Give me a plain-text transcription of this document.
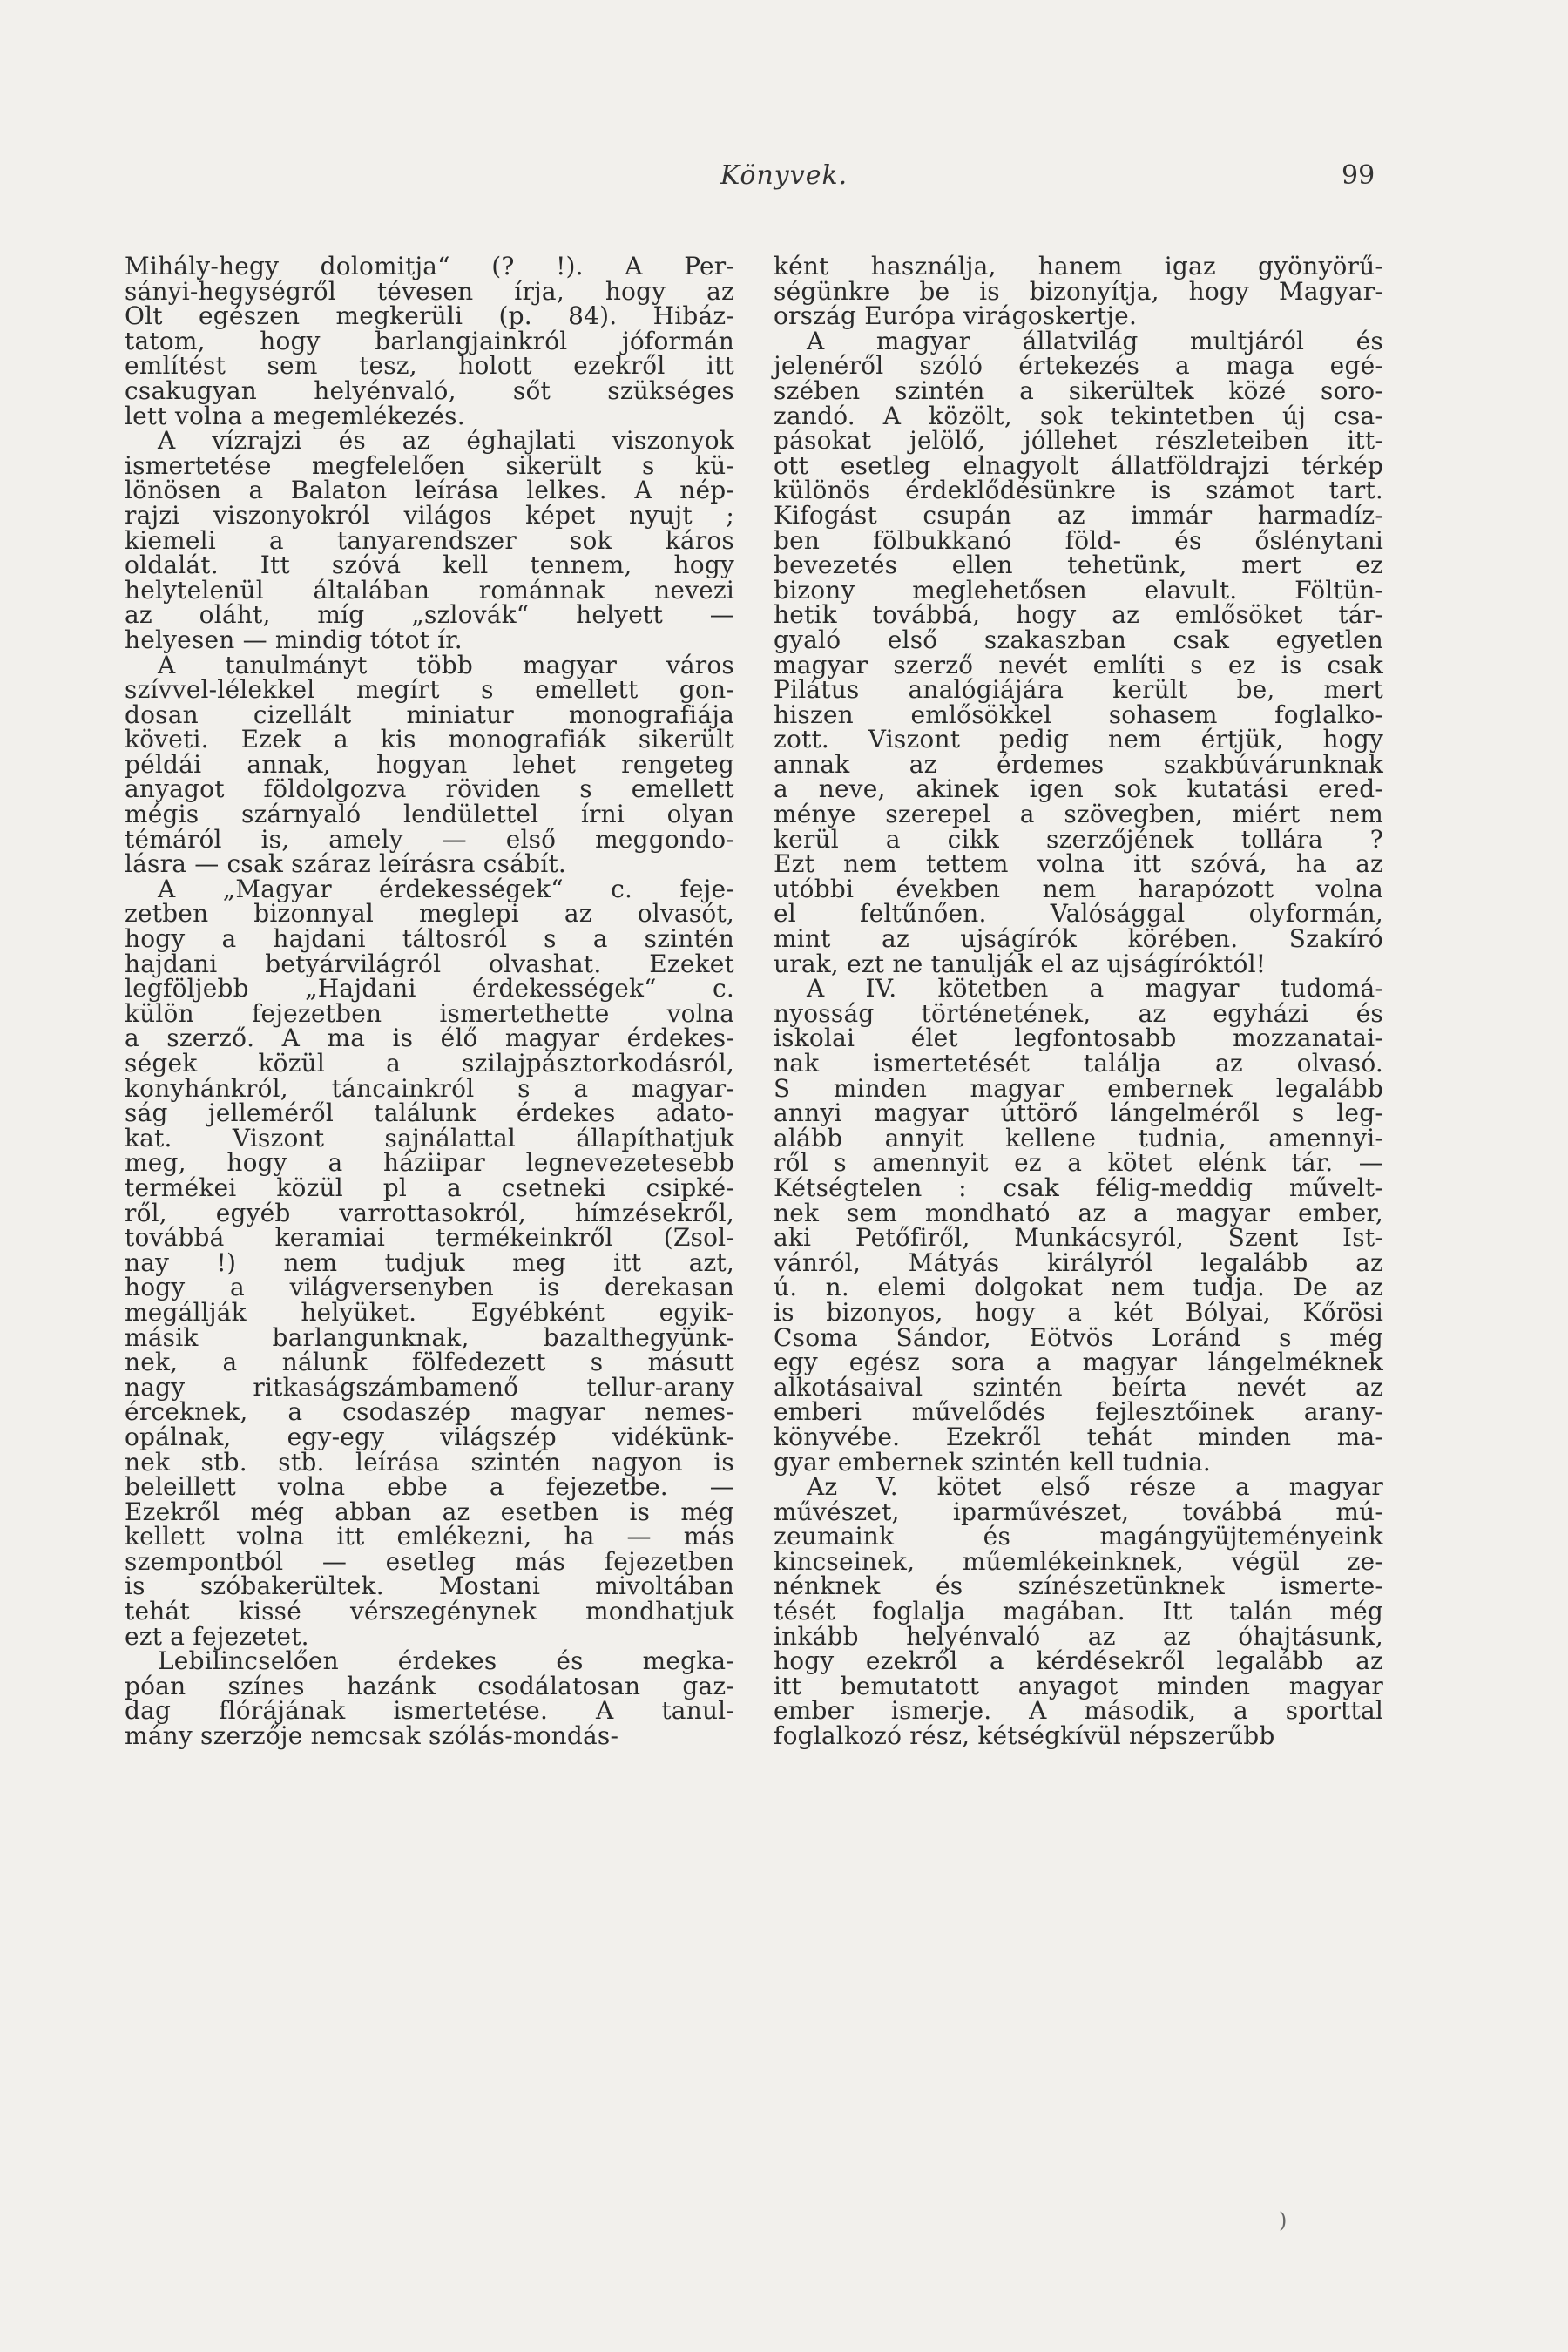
Könyvek.	99
Mihály-hegy dolomitja“ (? !). A Per-
sányi-hegységről tévesen írja, hogy az
Olt egészen megkerüli (p. 84). Hibáz-
tatom, hogy barlangjainkról jóformán
említést sem tesz, holott ezekről itt
csakugyan helyénvaló, sőt szükséges
lett volna a megemlékezés.
A vízrajzi és az éghajlati viszonyok
ismertetése megfelelően sikerült s kü-
lönösen a Balaton leírása lelkes. A nép-
rajzi viszonyokról világos képet nyujt ;
kiemeli a tanyarendszer sok káros
oldalát. Itt szóvá kell tennem, hogy
helytelenül általában románnak nevezi
az oláht, míg „szlovák“ helyett —
helyesen — mindig tótot ír.
A tanulmányt több magyar város
szívvel-lélekkel megírt s emellett gon-
dosan cizellált miniatur monografiája
követi. Ezek a kis monografiák sikerült
példái annak, hogyan lehet rengeteg
anyagot földolgozva röviden s emellett
mégis szárnyaló lendülettel írni olyan
témáról is, amely — első meggondo-
lásra — csak száraz leírásra csábít.
A „Magyar érdekességek“ c. feje-
zetben bizonnyal meglepi az olvasót,
hogy a hajdani táltosról s a szintén
hajdani betyárvilágról olvashat. Ezeket
legföljebb „Hajdani érdekességek“ c.
külön fejezetben ismertethette volna
a szerző. A ma is élő magyar érdekes-
ségek közül a szilajpásztorkodásról,
konyhánkról, táncainkról s a magyar-
ság jelleméről találunk érdekes adato-
kat. Viszont sajnálattal állapíthatjuk
meg, hogy a háziipar legnevezetesebb
termékei közül pl a csetneki csipké-
ről, egyéb varrottasokról, hímzésekről,
továbbá keramiai termékeinkről (Zsol-
nay !) nem tudjuk meg itt azt,
hogy a világversenyben is derekasan
megállják helyüket. Egyébként egyik-
másik barlangunknak, bazalthegyünk-
nek, a nálunk fölfedezett s másutt
nagy ritkaságszámbamenő tellur-arany
érceknek, a csodaszép magyar nemes-
opálnak, egy-egy világszép vidékünk-
nek stb. stb. leírása szintén nagyon is
beleillett volna ebbe a fejezetbe. —
Ezekről még abban az esetben is még
kellett volna itt emlékezni, ha — más
szempontból — esetleg más fejezetben
is szóbakerültek. Mostani mivoltában
tehát kissé vérszegénynek mondhatjuk
ezt a fejezetet.
Lebilincselően érdekes és megka-
póan színes hazánk csodálatosan gaz-
dag flórájának ismertetése. A tanul-
mány szerzője nemcsak szólás-mondás-
ként használja, hanem igaz gyönyörű-
ségünkre be is bizonyítja, hogy Magyar-
ország Európa virágoskertje.
A magyar állatvilág multjáról és
jelenéről szóló értekezés a maga egé-
szében szintén a sikerültek közé soro-
zandó. A közölt, sok tekintetben új csa-
pásokat jelölő, jóllehet részleteiben itt-
ott esetleg elnagyolt állatföldrajzi térkép
különös érdeklődésünkre is számot tart.
Kifogást csupán az immár harmadíz-
ben fölbukkanó föld- és őslénytani
bevezetés ellen tehetünk, mert ez
bizony meglehetősen elavult. Föltün-
hetik továbbá, hogy az emlősöket tár-
gyaló első szakaszban csak egyetlen
magyar szerző nevét említi s ez is csak
Pilátus analógiájára került be, mert
hiszen emlősökkel sohasem foglalko-
zott. Viszont pedig nem értjük, hogy
annak az érdemes szakbúvárunknak
a neve, akinek igen sok kutatási ered-
ménye szerepel a szövegben, miért nem
kerül a cikk szerzőjének tollára ?
Ezt nem tettem volna itt szóvá, ha az
utóbbi években nem harapózott volna
el feltűnően. Valósággal olyformán,
mint az ujságírók körében. Szakíró
urak, ezt ne tanulják el az ujságíróktól!
A IV. kötetben a magyar tudomá-
nyosság történetének, az egyházi és
iskolai élet legfontosabb mozzanatai-
nak ismertetését találja az olvasó.
S minden magyar embernek legalább
annyi magyar úttörő lángelméről s leg-
alább annyit kellene tudnia, amennyi-
ről s amennyit ez a kötet elénk tár. —
Kétségtelen : csak félig-meddig művelt-
nek sem mondható az a magyar ember,
aki Petőfiről, Munkácsyról, Szent Ist-
vánról, Mátyás királyról legalább az
ú. n. elemi dolgokat nem tudja. De az
is bizonyos, hogy a két Bólyai, Kőrösi
Csoma Sándor, Eötvös Loránd s még
egy egész sora a magyar lángelméknek
alkotásaival szintén beírta nevét az
emberi művelődés fejlesztőinek arany-
könyvébe. Ezekről tehát minden ma-
gyar embernek szintén kell tudnia.
Az V. kötet első része a magyar
művészet, iparművészet, továbbá mú-
zeumaink és magángyüjteményeink
kincseinek, műemlékeinknek, végül ze-
nénknek és színészetünknek ismerte-
tését foglalja magában. Itt talán még
inkább helyénvaló az az óhajtásunk,
hogy ezekről a kérdésekről legalább az
itt bemutatott anyagot minden magyar
ember ismerje. A második, a sporttal
foglalkozó rész, kétségkívül népszerűbb
)
